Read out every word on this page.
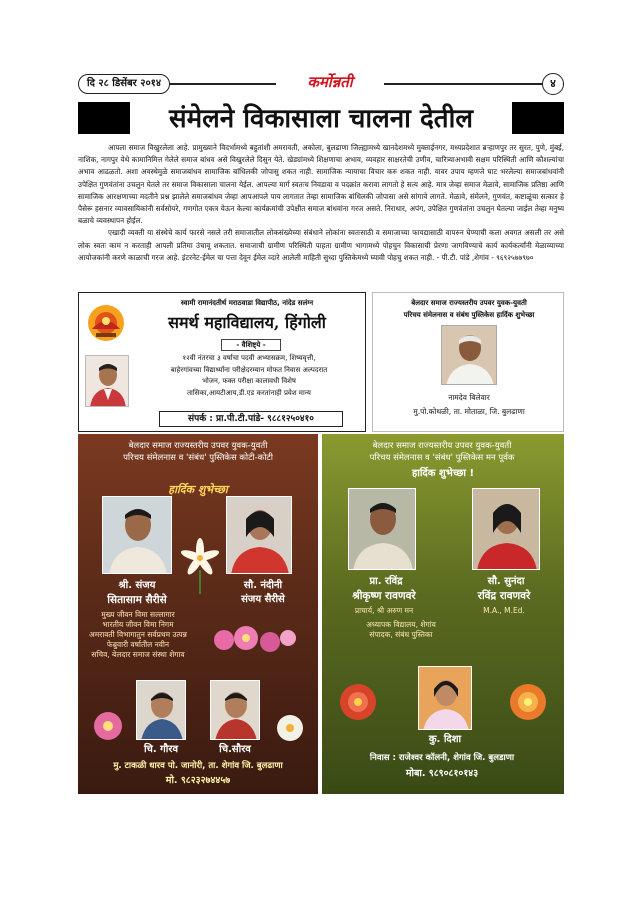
दि २८ डिसेंबर २०१४	कर्मोन्नती	४
संमेलने विकासाला चालना देतील

आपला समाज विखुरलेला आहे. प्रामुख्याने विदर्भामध्ये बहुतांशी अमरावती, अकोला, बुलढाणा जिल्ह्यामध्ये खानदेशमध्ये मुक्ताईनगर, मध्यप्रदेशात ब्रऱ्हाणपुर तर सुरत, पुणे, मुंबई, नाशिक, नागपुर येथे कामानिमित्त गेलेले समाज बांधव असे विखुरलेले दिसुन येते. खेड्यांमध्ये शिक्षणाचा अभाव, व्यवहार साक्षरतेची उणीव, चारित्र्याअभावी सक्षम परिस्थिती आणि कौशल्यांचा अभाव आढळतो. अशा अवस्थेमुळे समाजबांधव सामाजिक बांधिलकी जोपासु शकत नाही. सामाजिक न्यायाचा विचार करु शकत नाही. यावर उपाय म्हणजे घाट भरलेल्या समाजबांधवांनी उपेक्षित गुणवंतांना उचलुन घेतले तर समाज विकासाला चालना येईल. आपल्या मार्ग स्वतःच निवडावा व पदक्रांत करावा लागतो हे सत्य आहे. मात्र जेव्हा समाज मेळावे, सामाजिक प्रतिष्ठा आणि सामाजिक आरक्षणाच्या मदतीने प्रश्न झालेले समाजबांधव जेव्हा आपआपले पाय लागतात तेव्हा सामाजिक बांधिलकी जोपासा असे सांगावे लागते. मेळावे, संमेलने, गुणवंत, कष्टाळूंचा सत्कार हे पैसेरू हसनार व्यावसायिकांनी सर्वसोयरे, गणगोत एकत्र येऊन केल्या कार्यक्रमांची उपेक्षीत समाज बांधवांना गरज असते. निराधार, अपंग, उपेक्षित गुणवंतांना उचलुन घेतल्या जाईल तेव्हा मनुष्य बळाचे व्यवस्थापन होईल.

एखादी व्यक्ती या संस्थेचे कार्य फारसे नसले तरी समाजातील लोकसंख्येच्या संबंधाने लोकांना स्वतःसाठी व समाजाच्या फायद्यासाठी वापरुन घेण्याची कला अवगत असली तर असे लोक स्वतः काम न करताही आपली प्रतिमा उंचावू शकतात. समाजाची ग्रामीण परिस्थिती पाहता ग्रामीण भागामध्ये पोहचुन विकासाची प्रेरणा जागविण्याचे कार्य कार्यकर्त्यांनी मेळाव्याच्या आयोजकांनी करणे काळाची गरज आहे. इंटरनेट-ईमेल चा पत्ता देवून ईमेल व्दारे आलेली माहिती सुध्दा पुस्तिकेमध्ये घ्यावी पोहचु शकत नाही. - पी.टी. पांडे ,शेगांव - ९६९२५७७९७०

स्वामी रामानंदतीर्थ मराठवाडा विद्यापीठ, नांदेड सलंग्न
समर्थ महाविद्यालय, हिंगोली
- वैशिष्ट्ये -
१२वी नंतरचा ३ वर्षाचा पदवी अभ्यासक्रम, शिष्यवृत्ती,
बाहेरगांवच्या विद्यार्थ्यांना परीक्षेदरम्यान मोफत निवास अल्पदरात
भोजन, फक्त परीक्षा कालावधी विशेष
तासिका,आयटीआय,डी.एड करतांनाही प्रवेश मान्य
संपर्क : प्रा.पी.टी.पांडे- ९८८१२५०४१०
बेलदार समाज राज्यस्तरीय उपवर युवक-युवती
परिचय संमेलनास व संबंध पुस्तिकेस हार्दिक शुभेच्छा
नामदेव बिलेवार
मु.पो.कोथळी, ता. मोताळा, जि. बुलढाणा
बेलदार समाज राज्यस्तरीय उपवर युवक-युवती
परिचय संमेलनास व 'संबंध' पुस्तिकेस कोटी-कोटी
हार्दिक शुभेच्छा
श्री. संजय
सितासाम सैरीसे
मुख्य जीवन विमा सल्लागार
भारतीय जीवन विमा निगम
अमरावती विभागातुन सर्वप्रथम उत्पन्न
फेब्रुवारी वर्षातील नवीन
सचिव, बेलदार समाज संस्था शेगाव
सौ. नंदीनी
संजय सैरीसे
चि. गौरव	चि.सौरव
मु. टाकळी धारव पो. जानोरी, ता. शेगांव जि. बुलढाणा
मो. ९८२३२७४४५७
बेलदार समाज राज्यस्तरीय उपवर युवक-युवती
परिचय संमेलनास व 'संबंध' पुस्तिकेस मन पूर्वक
हार्दिक शुभेच्छा !
प्रा. रविंद्र
श्रीकृष्ण रावणवरे
प्राचार्य, श्री अरुण मन
सौ. सुनंदा
रविंद्र रावणवरे
M.A., M.Ed.
अध्यापक विद्यालय, शेगांव
संपादक, संबंध पुस्तिका
कु. दिशा
निवास : राजेश्वर कॉलनी, शेगांव जि. बुलडाणा
मोबा. ९८९०८१०१४३
